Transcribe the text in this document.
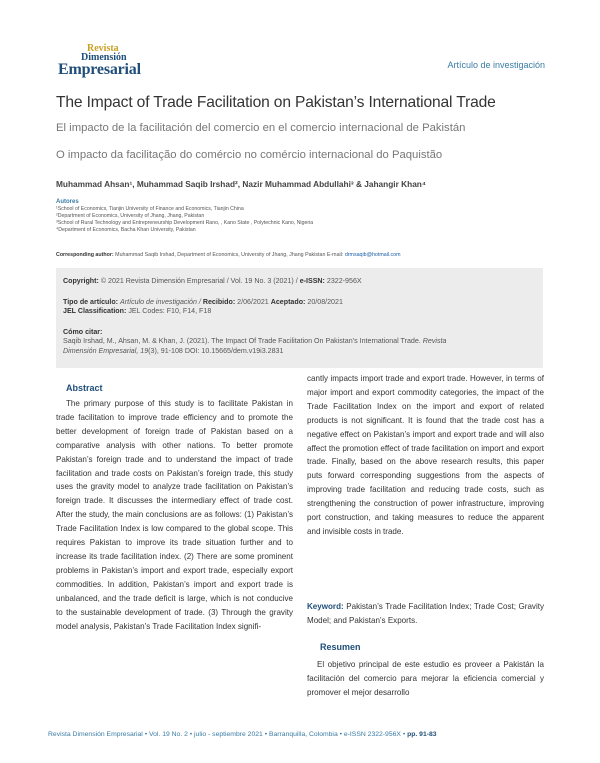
Revista
Dimensión
Empresarial	Artículo de investigación
The Impact of Trade Facilitation on Pakistan’s International Trade
El impacto de la facilitación del comercio en el comercio internacional de Pakistán
O impacto da facilitação do comércio no comércio internacional do Paquistão
Muhammad Ahsan¹, Muhammad Saqib Irshad², Nazir Muhammad Abdullahi³ & Jahangir Khan⁴
Autores
¹School of Economics, Tianjin University of Finance and Economics, Tianjin China
²Department of Economics, University of Jhang, Jhang, Pakistan
³School of Rural Technology and Entrepreneurship Development Rano, , Kano State , Polytechnic Kano, Nigeria
⁴Department of Economics, Bacha Khan University, Pakistan
Corresponding author: Muhammad Saqib Irshad, Department of Economics, University of Jhang, Jhang Pakistan E-mail: drmsaqib@hotmail.com
Copyright: © 2021 Revista Dimensión Empresarial / Vol. 19 No. 3 (2021) / e-ISSN: 2322-956X
Tipo de artículo: Artículo de investigación / Recibido: 2/06/2021 Aceptado: 20/08/2021
JEL Classification: JEL Codes: F10, F14, F18
Cómo citar:
Saqib Irshad, M., Ahsan, M. & Khan, J. (2021). The Impact Of Trade Facilitation On Pakistan’s International Trade. Revista
Dimensión Empresarial, 19(3), 91-108 DOI: 10.15665/dem.v19i3.2831
Abstract

The primary purpose of this study is to facilitate Pakistan in trade facilitation to improve trade efficiency and to promote the better development of foreign trade of Pakistan based on a comparative analysis with other nations. To better promote Pakistan’s foreign trade and to understand the impact of trade facilitation and trade costs on Pakistan’s foreign trade, this study uses the gravity model to analyze trade facilitation on Pakistan’s foreign trade. It discusses the intermediary effect of trade cost. After the study, the main conclusions are as follows: (1) Pakistan’s Trade Facilitation Index is low compared to the global scope. This requires Pakistan to improve its trade situation further and to increase its trade facilitation index. (2) There are some prominent problems in Pakistan’s import and export trade, especially export commodities. In addition, Pakistan’s import and export trade is unbalanced, and the trade deficit is large, which is not conducive to the sustainable development of trade. (3) Through the gravity model analysis, Pakistan’s Trade Facilitation Index signifi-

cantly impacts import trade and export trade. However, in terms of major import and export commodity categories, the impact of the Trade Facilitation Index on the import and export of related products is not significant. It is found that the trade cost has a negative effect on Pakistan’s import and export trade and will also affect the promotion effect of trade facilitation on import and export trade. Finally, based on the above research results, this paper puts forward corresponding suggestions from the aspects of improving trade facilitation and reducing trade costs, such as strengthening the construction of power infrastructure, improving port construction, and taking measures to reduce the apparent and invisible costs in trade.

Keyword: Pakistan’s Trade Facilitation Index; Trade Cost; Gravity Model; and Pakistan’s Exports.
Resumen
El objetivo principal de este estudio es proveer a Pakistán la facilitación del comercio para mejorar la eficiencia comercial y promover el mejor desarrollo
Revista Dimensión Empresarial • Vol. 19 No. 2 • julio - septiembre 2021 • Barranquilla, Colombia • e-ISSN 2322-956X • pp. 91-83
